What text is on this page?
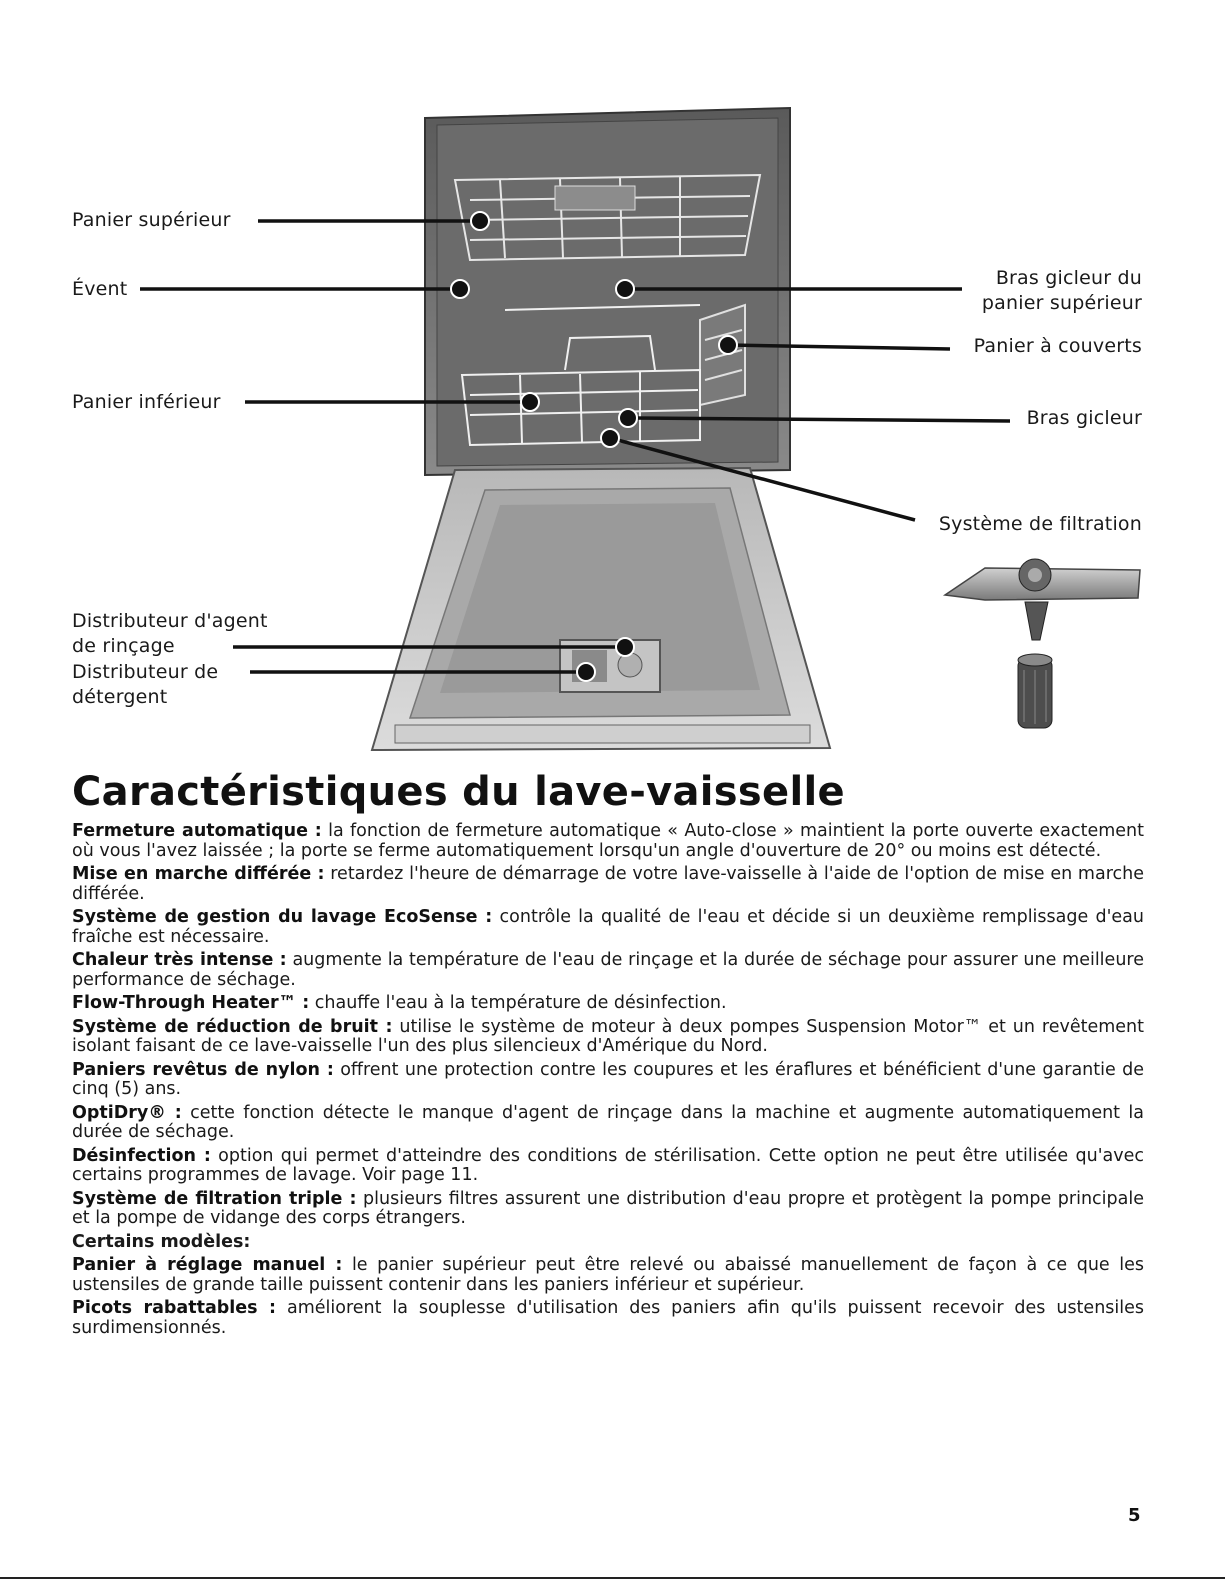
Panier supérieur
Évent
Panier inférieur
Distributeur d'agent
de rinçage
Distributeur de
détergent
Bras gicleur du
panier supérieur
Panier à couverts
Bras gicleur
Système de filtration
Caractéristiques du lave-vaisselle

Fermeture automatique : la fonction de fermeture automatique « Auto-close » maintient la porte ouverte exactement où vous l'avez laissée ; la porte se ferme automatiquement lorsqu'un angle d'ouverture de 20° ou moins est détecté.

Mise en marche différée : retardez l'heure de démarrage de votre lave-vaisselle à l'aide de l'option de mise en marche différée.

Système de gestion du lavage EcoSense : contrôle la qualité de l'eau et décide si un deuxième remplissage d'eau fraîche est nécessaire.

Chaleur très intense : augmente la température de l'eau de rinçage et la durée de séchage pour assurer une meilleure performance de séchage.

Flow-Through Heater™ : chauffe l'eau à la température de désinfection.

Système de réduction de bruit : utilise le système de moteur à deux pompes Suspension Motor™ et un revêtement isolant faisant de ce lave-vaisselle l'un des plus silencieux d'Amérique du Nord.

Paniers revêtus de nylon : offrent une protection contre les coupures et les éraflures et bénéficient d'une garantie de cinq (5) ans.

OptiDry® : cette fonction détecte le manque d'agent de rinçage dans la machine et augmente automatiquement la durée de séchage.

Désinfection : option qui permet d'atteindre des conditions de stérilisation. Cette option ne peut être utilisée qu'avec certains programmes de lavage. Voir page 11.

Système de filtration triple : plusieurs filtres assurent une distribution d'eau propre et protègent la pompe principale et la pompe de vidange des corps étrangers.

Certains modèles:

Panier à réglage manuel : le panier supérieur peut être relevé ou abaissé manuellement de façon à ce que les ustensiles de grande taille puissent contenir dans les paniers inférieur et supérieur.

Picots rabattables : améliorent la souplesse d'utilisation des paniers afin qu'ils puissent recevoir des ustensiles surdimensionnés.

5
